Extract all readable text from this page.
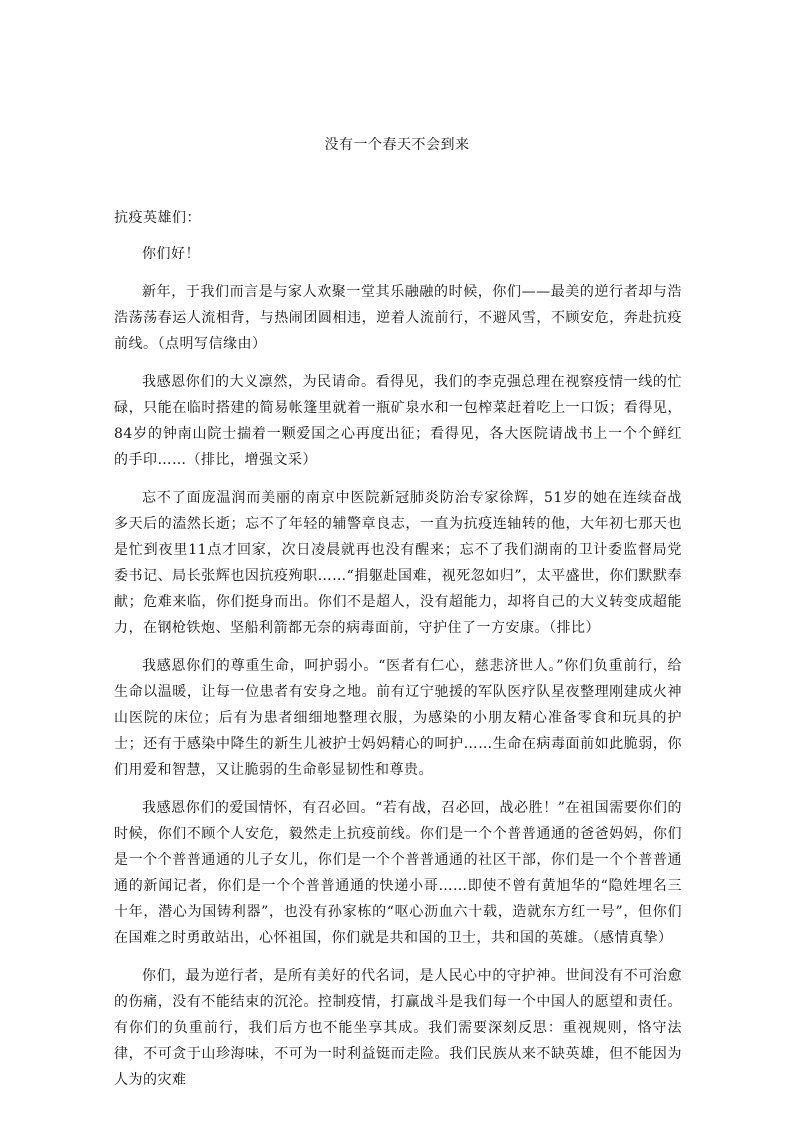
没有一个春天不会到来

抗疫英雄们：

你们好！

新年，于我们而言是与家人欢聚一堂其乐融融的时候，你们——最美的逆行者却与浩浩荡荡春运人流相背，与热闹团圆相违，逆着人流前行，不避风雪，不顾安危，奔赴抗疫前线。（点明写信缘由）

我感恩你们的大义凛然，为民请命。看得见，我们的李克强总理在视察疫情一线的忙碌，只能在临时搭建的简易帐篷里就着一瓶矿泉水和一包榨菜赶着吃上一口饭；看得见，84岁的钟南山院士揣着一颗爱国之心再度出征；看得见，各大医院请战书上一个个鲜红的手印……（排比，增强文采）

忘不了面庞温润而美丽的南京中医院新冠肺炎防治专家徐辉，51岁的她在连续奋战多天后的溘然长逝；忘不了年轻的辅警章良志，一直为抗疫连轴转的他，大年初七那天也是忙到夜里11点才回家，次日凌晨就再也没有醒来；忘不了我们湖南的卫计委监督局党委书记、局长张辉也因抗疫殉职……“捐躯赴国难，视死忽如归”，太平盛世，你们默默奉献；危难来临，你们挺身而出。你们不是超人，没有超能力，却将自己的大义转变成超能力，在钢枪铁炮、坚船利箭都无奈的病毒面前，守护住了一方安康。（排比）

我感恩你们的尊重生命，呵护弱小。“医者有仁心，慈悲济世人。”你们负重前行，给生命以温暖，让每一位患者有安身之地。前有辽宁驰援的军队医疗队星夜整理刚建成火神山医院的床位；后有为患者细细地整理衣服，为感染的小朋友精心准备零食和玩具的护士；还有于感染中降生的新生儿被护士妈妈精心的呵护……生命在病毒面前如此脆弱，你们用爱和智慧，又让脆弱的生命彰显韧性和尊贵。

我感恩你们的爱国情怀，有召必回。“若有战，召必回，战必胜！”在祖国需要你们的时候，你们不顾个人安危，毅然走上抗疫前线。你们是一个个普普通通的爸爸妈妈，你们是一个个普普通通的儿子女儿，你们是一个个普普通通的社区干部，你们是一个个普普通通的新闻记者，你们是一个个普普通通的快递小哥……即使不曾有黄旭华的“隐姓埋名三十年，潜心为国铸利器”，也没有孙家栋的“呕心沥血六十载，造就东方红一号”，但你们在国难之时勇敢站出，心怀祖国，你们就是共和国的卫士，共和国的英雄。（感情真挚）

你们，最为逆行者，是所有美好的代名词，是人民心中的守护神。世间没有不可治愈的伤痛，没有不能结束的沉沦。控制疫情，打赢战斗是我们每一个中国人的愿望和责任。有你们的负重前行，我们后方也不能坐享其成。我们需要深刻反思：重视规则，恪守法律，不可贪于山珍海味，不可为一时利益铤而走险。我们民族从来不缺英雄，但不能因为人为的灾难
